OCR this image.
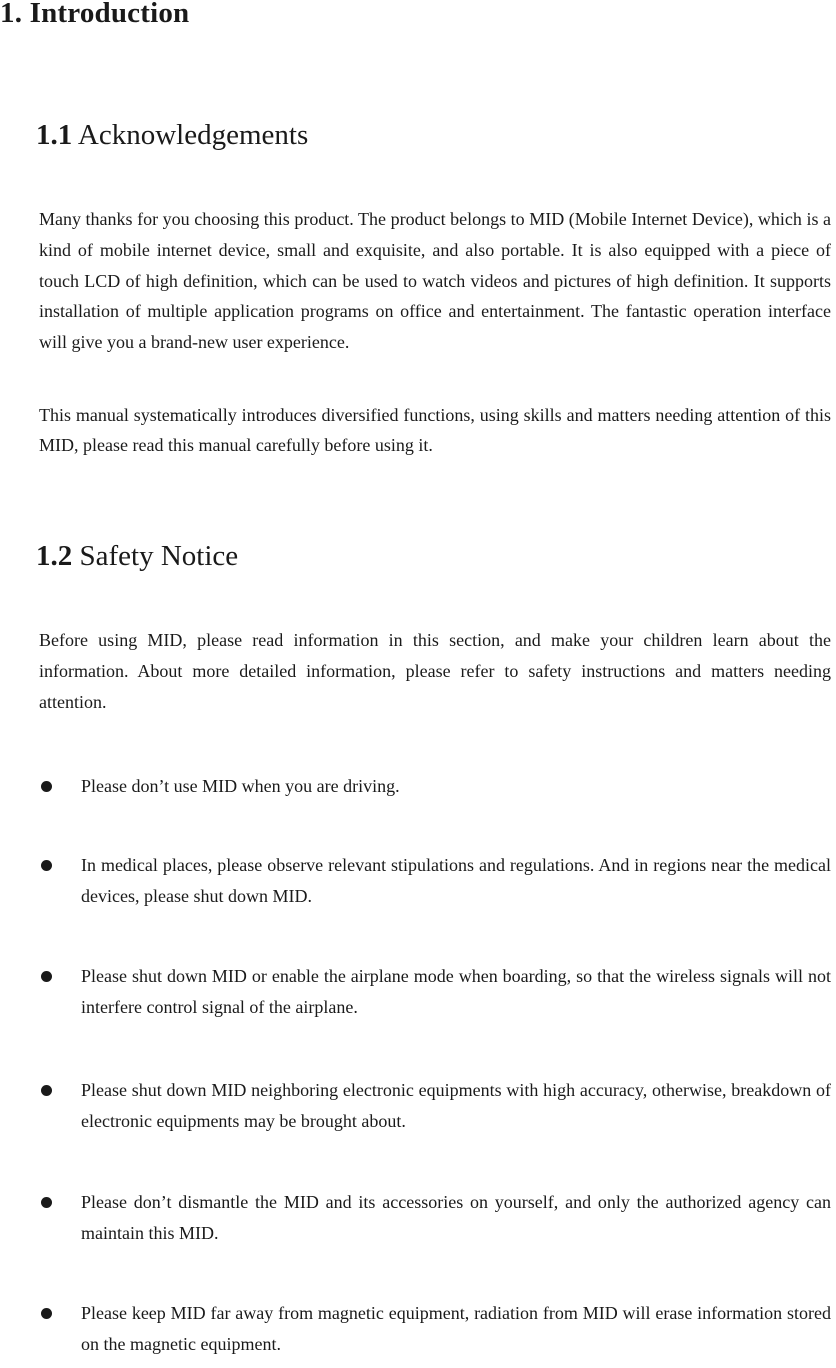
1. Introduction
1.1 Acknowledgements

Many thanks for you choosing this product. The product belongs to MID (Mobile Internet Device), which is a kind of mobile internet device, small and exquisite, and also portable. It is also equipped with a piece of touch LCD of high definition, which can be used to watch videos and pictures of high definition. It supports installation of multiple application programs on office and entertainment. The fantastic operation interface will give you a brand-new user experience.

This manual systematically introduces diversified functions, using skills and matters needing attention of this MID, please read this manual carefully before using it.

1.2 Safety Notice

Before using MID, please read information in this section, and make your children learn about the information. About more detailed information, please refer to safety instructions and matters needing attention.

Please don’t use MID when you are driving.

In medical places, please observe relevant stipulations and regulations. And in regions near the medical devices, please shut down MID.

Please shut down MID or enable the airplane mode when boarding, so that the wireless signals will not interfere control signal of the airplane.

Please shut down MID neighboring electronic equipments with high accuracy, otherwise, breakdown of electronic equipments may be brought about.

Please don’t dismantle the MID and its accessories on yourself, and only the authorized agency can maintain this MID.

Please keep MID far away from magnetic equipment, radiation from MID will erase information stored on the magnetic equipment.
